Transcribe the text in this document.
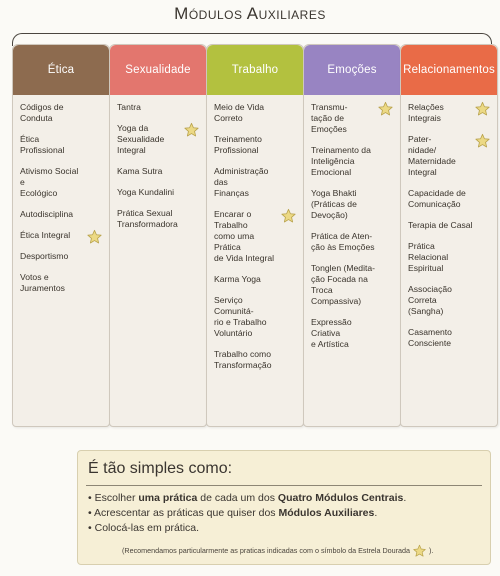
Módulos Auxiliares
Ética
Códigos de
Conduta
Ética Profissional
Ativismo Social e
Ecológico
Autodisciplina
Ética Integral
Desportismo
Votos e
Juramentos
Sexualidade
Tantra
Yoga da
Sexualidade
Integral
Kama Sutra
Yoga Kundalini
Prática Sexual
Transformadora
Trabalho
Meio de Vida
Correto
Treinamento
Profissional
Administração das
Finanças
Encarar o
Trabalho
como uma Prática
de Vida Integral
Karma Yoga
Serviço Comunitá-
rio e Trabalho
Voluntário
Trabalho como
Transformação
Emoções
Transmu-
tação de
Emoções
Treinamento da
Inteligência
Emocional
Yoga Bhakti
(Práticas de
Devoção)
Prática de Aten-
ção às Emoções
Tonglen (Medita-
ção Focada na
Troca Compassiva)
Expressão Criativa
e Artística
Relacionamentos
Relações
Integrais
Pater-
nidade/
Maternidade
Integral
Capacidade de
Comunicação
Terapia de Casal
Prática Relacional
Espiritual
Associação
Correta
(Sangha)
Casamento
Consciente
É tão simples como:
• Escolher uma prática de cada um dos Quatro Módulos Centrais.
• Acrescentar as práticas que quiser dos Módulos Auxiliares.
• Colocá-las em prática.
(Recomendamos particularmente as praticas indicadas com o símbolo da Estrela Dourada	).
